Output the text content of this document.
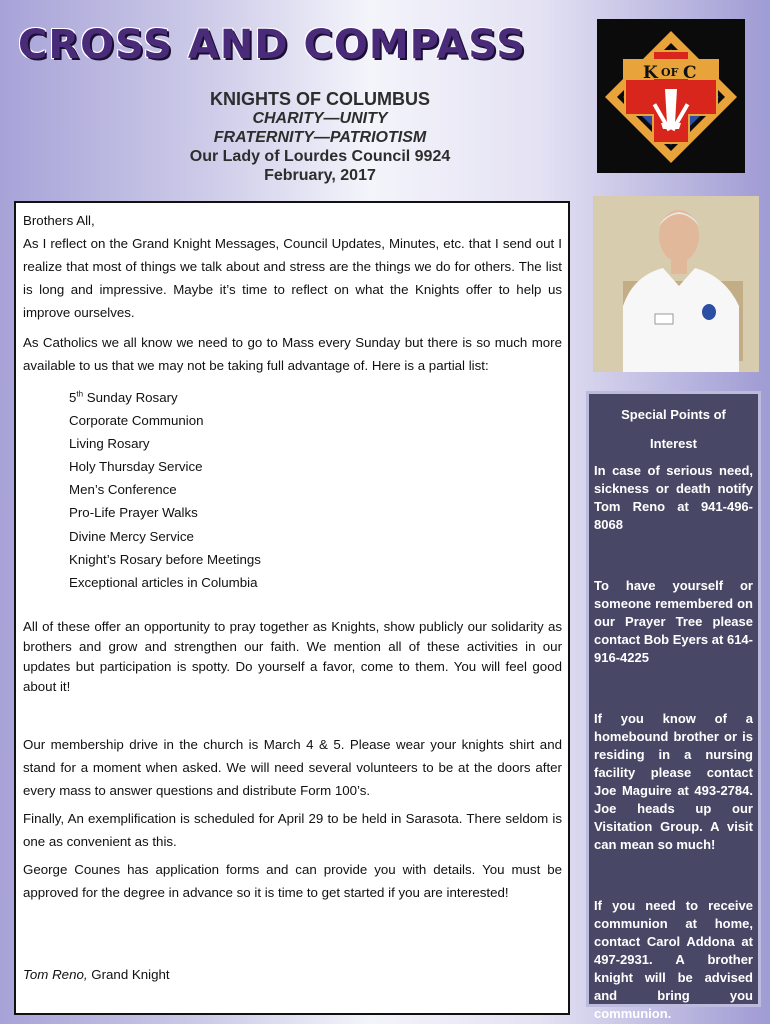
CROSS AND COMPASS
KNIGHTS OF COLUMBUS
CHARITY—UNITY
FRATERNITY—PATRIOTISM
Our Lady of Lourdes Council 9924
February, 2017
K OF C

Brothers All,

As I reflect on the Grand Knight Messages, Council Updates, Minutes, etc. that I send out I realize that most of things we talk about and stress are the things we do for others. The list is long and impressive. Maybe it’s time to reflect on what the Knights offer to help us improve ourselves.

As Catholics we all know we need to go to Mass every Sunday but there is so much more available to us that we may not be taking full advantage of. Here is a partial list:

5th Sunday Rosary
Corporate Communion
Living Rosary
Holy Thursday Service
Men’s Conference
Pro-Life Prayer Walks
Divine Mercy Service
Knight’s Rosary before Meetings
Exceptional articles in Columbia

All of these offer an opportunity to pray together as Knights, show publicly our solidarity as brothers and grow and strengthen our faith. We mention all of these activities in our updates but participation is spotty. Do yourself a favor, come to them. You will feel good about it!

Our membership drive in the church is March 4 & 5. Please wear your knights shirt and stand for a moment when asked. We will need several volunteers to be at the doors after every mass to answer questions and distribute Form 100’s.

Finally, An exemplification is scheduled for April 29 to be held in Sarasota. There seldom is one as convenient as this.

George Counes has application forms and can provide you with details. You must be approved for the degree in advance so it is time to get started if you are interested!

Tom Reno, Grand Knight
Special Points of
Interest

In case of serious need, sickness or death notify Tom Reno at 941-496-8068

To have yourself or someone remembered on our Prayer Tree please contact Bob Eyers at 614-916-4225

If you know of a homebound brother or is residing in a nursing facility please contact Joe Maguire at 493-2784. Joe heads up our Visitation Group. A visit can mean so much!

If you need to receive communion at home, contact Carol Addona at 497-2931. A brother knight will be advised and bring you communion.
